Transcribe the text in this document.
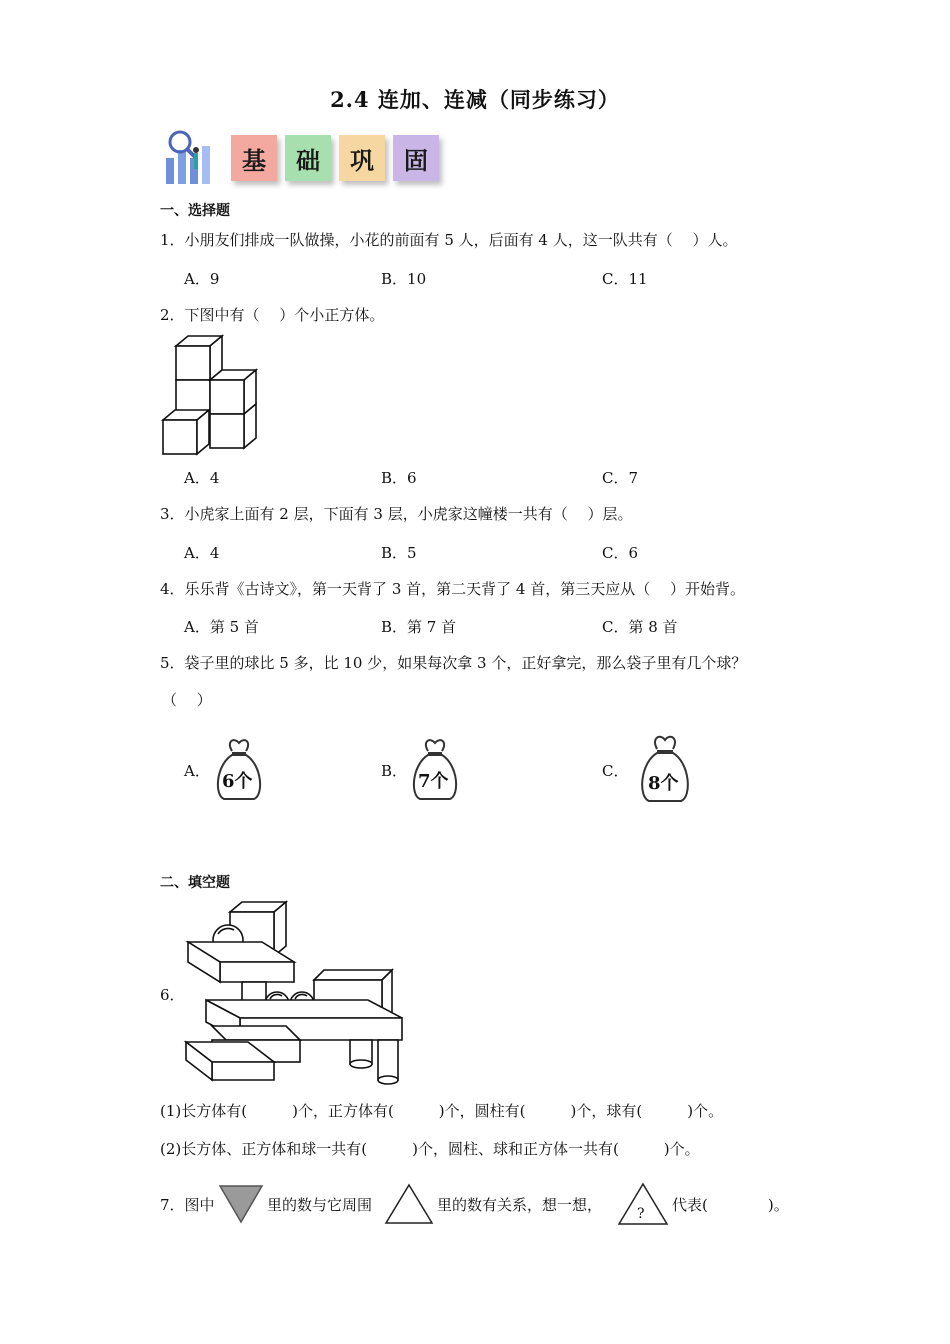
2.4 连加、连减（同步练习）
基	础	巩	固
一、选择题
1．小朋友们排成一队做操，小花的前面有 5 人，后面有 4 人，这一队共有（　 ）人。
A．9	B．10	C．11
2．下图中有（　 ）个小正方体。
A．4	B．6	C．7
3．小虎家上面有 2 层，下面有 3 层，小虎家这幢楼一共有（　 ）层。
A．4	B．5	C．6
4．乐乐背《古诗文》，第一天背了 3 首，第二天背了 4 首，第三天应从（　 ）开始背。
A．第 5 首	B．第 7 首	C．第 8 首
5．袋子里的球比 5 多，比 10 少，如果每次拿 3 个，正好拿完，那么袋子里有几个球？
（　 ）
A．	B．	C．
6个	7个	8个
二、填空题
6．
(1)长方体有(　　　)个，正方体有(　　　)个，圆柱有(　　　)个，球有(　　　)个。
(2)长方体、正方体和球一共有(　　　)个，圆柱、球和正方体一共有(　　　)个。
7．图中	里的数与它周围	里的数有关系，想一想， ? 代表(　　　　)。
